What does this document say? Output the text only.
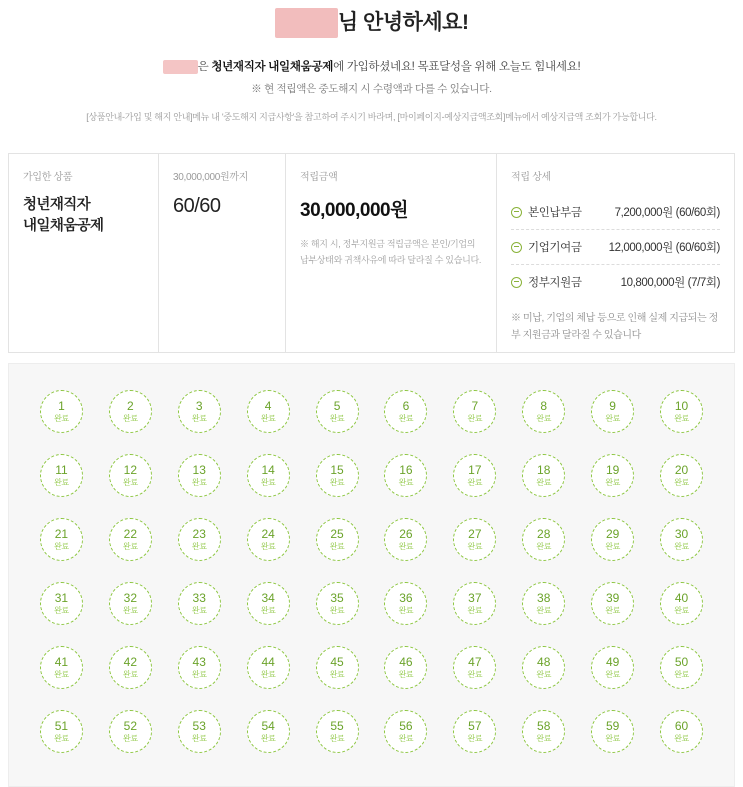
님 안녕하세요!
은 청년재직자 내일채움공제에 가입하셨네요! 목표달성을 위해 오늘도 힘내세요!
※ 현 적립액은 중도해지 시 수령액과 다를 수 있습니다.
[상품안내-가입 및 해지 안내]메뉴 내 '중도해지 지급사항'을 참고하여 주시기 바라며, [마이페이지-예상지급액조회]메뉴에서 예상지급액 조회가 가능합니다.
가입한 상품
청년재직자
내일채움공제
30,000,000원까지
60/60
적립금액
30,000,000원
※ 해지 시, 정부지원금 적립금액은 본인/기업의 납부상태와 귀책사유에 따라 달라질 수 있습니다.
적립 상세
본인납부금	7,200,000원 (60/60회)
기업기여금 12,000,000원 (60/60회)
정부지원금	10,800,000원 (7/7회)
※ 미납, 기업의 체납 등으로 인해 실제 지급되는 정부 지원금과 달라질 수 있습니다
1
완료
2
완료
3
완료
4
완료
5
완료
6
완료
7
완료
8
완료
9
완료
10
완료
11
완료
12
완료
13
완료
14
완료
15
완료
16
완료
17
완료
18
완료
19
완료
20
완료
21
완료
22
완료
23
완료
24
완료
25
완료
26
완료
27
완료
28
완료
29
완료
30
완료
31
완료
32
완료
33
완료
34
완료
35
완료
36
완료
37
완료
38
완료
39
완료
40
완료
41
완료
42
완료
43
완료
44
완료
45
완료
46
완료
47
완료
48
완료
49
완료
50
완료
51
완료
52
완료
53
완료
54
완료
55
완료
56
완료
57
완료
58
완료
59
완료
60
완료
